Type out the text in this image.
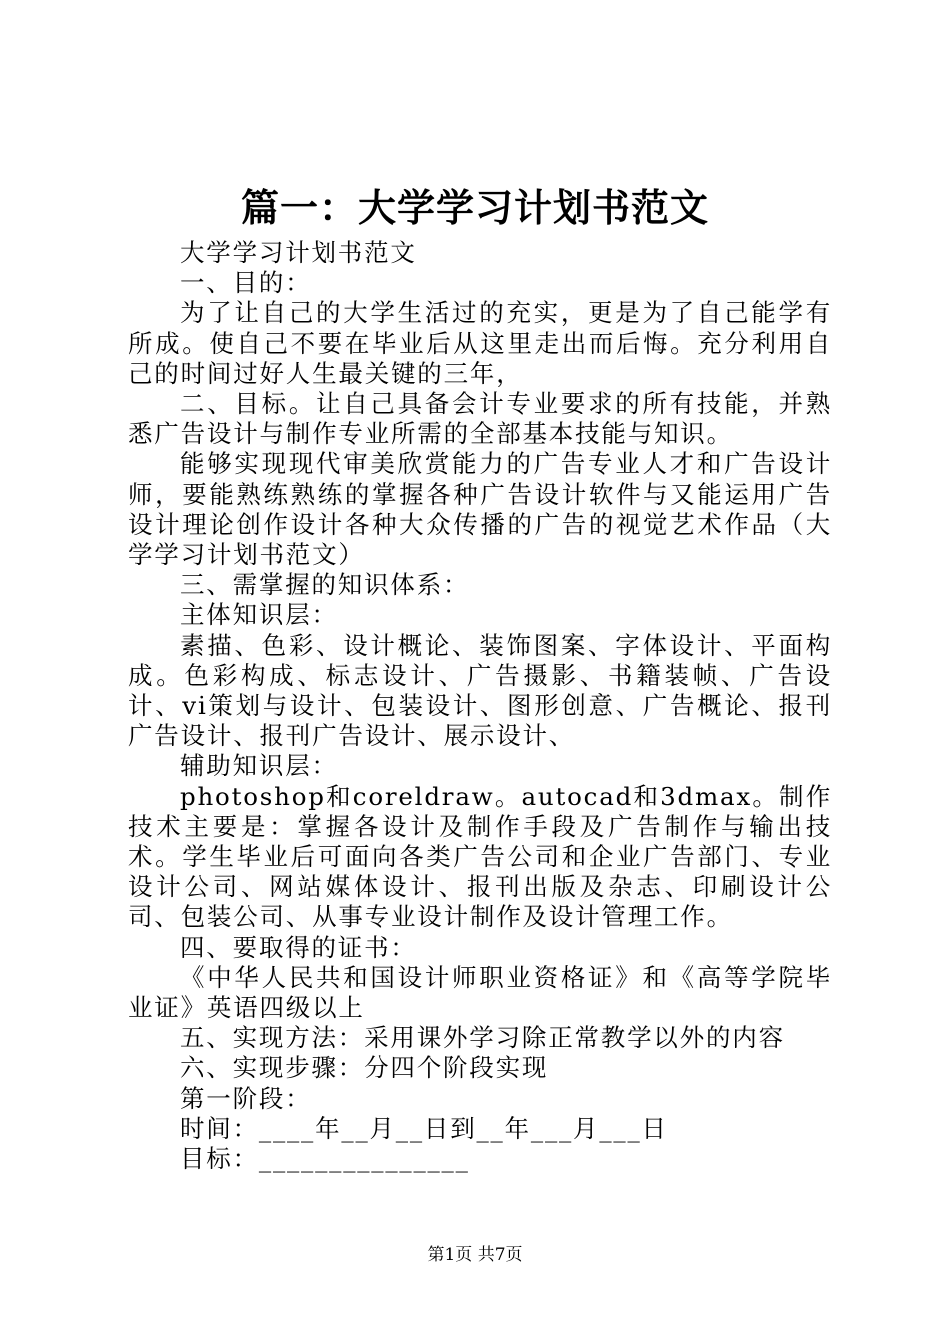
篇一：大学学习计划书范文

大学学习计划书范文

一、目的：

为了让自己的大学生活过的充实，更是为了自己能学有所成。使自己不要在毕业后从这里走出而后悔。充分利用自己的时间过好人生最关键的三年，

二、目标。让自己具备会计专业要求的所有技能，并熟悉广告设计与制作专业所需的全部基本技能与知识。

能够实现现代审美欣赏能力的广告专业人才和广告设计师，要能熟练熟练的掌握各种广告设计软件与又能运用广告设计理论创作设计各种大众传播的广告的视觉艺术作品（大学学习计划书范文）

三、需掌握的知识体系：

主体知识层：

素描、色彩、设计概论、装饰图案、字体设计、平面构成。色彩构成、标志设计、广告摄影、书籍装帧、广告设计、vi策划与设计、包装设计、图形创意、广告概论、报刊广告设计、报刊广告设计、展示设计、

辅助知识层：

photoshop和coreldraw。autocad和3dmax。制作技术主要是：掌握各设计及制作手段及广告制作与输出技术。学生毕业后可面向各类广告公司和企业广告部门、专业设计公司、网站媒体设计、报刊出版及杂志、印刷设计公司、包装公司、从事专业设计制作及设计管理工作。

四、要取得的证书：

《中华人民共和国设计师职业资格证》和《高等学院毕业证》英语四级以上

五、实现方法：采用课外学习除正常教学以外的内容

六、实现步骤：分四个阶段实现

第一阶段：

时间：____年__月__日到__年___月___日

目标：_______________

第1页 共7页
